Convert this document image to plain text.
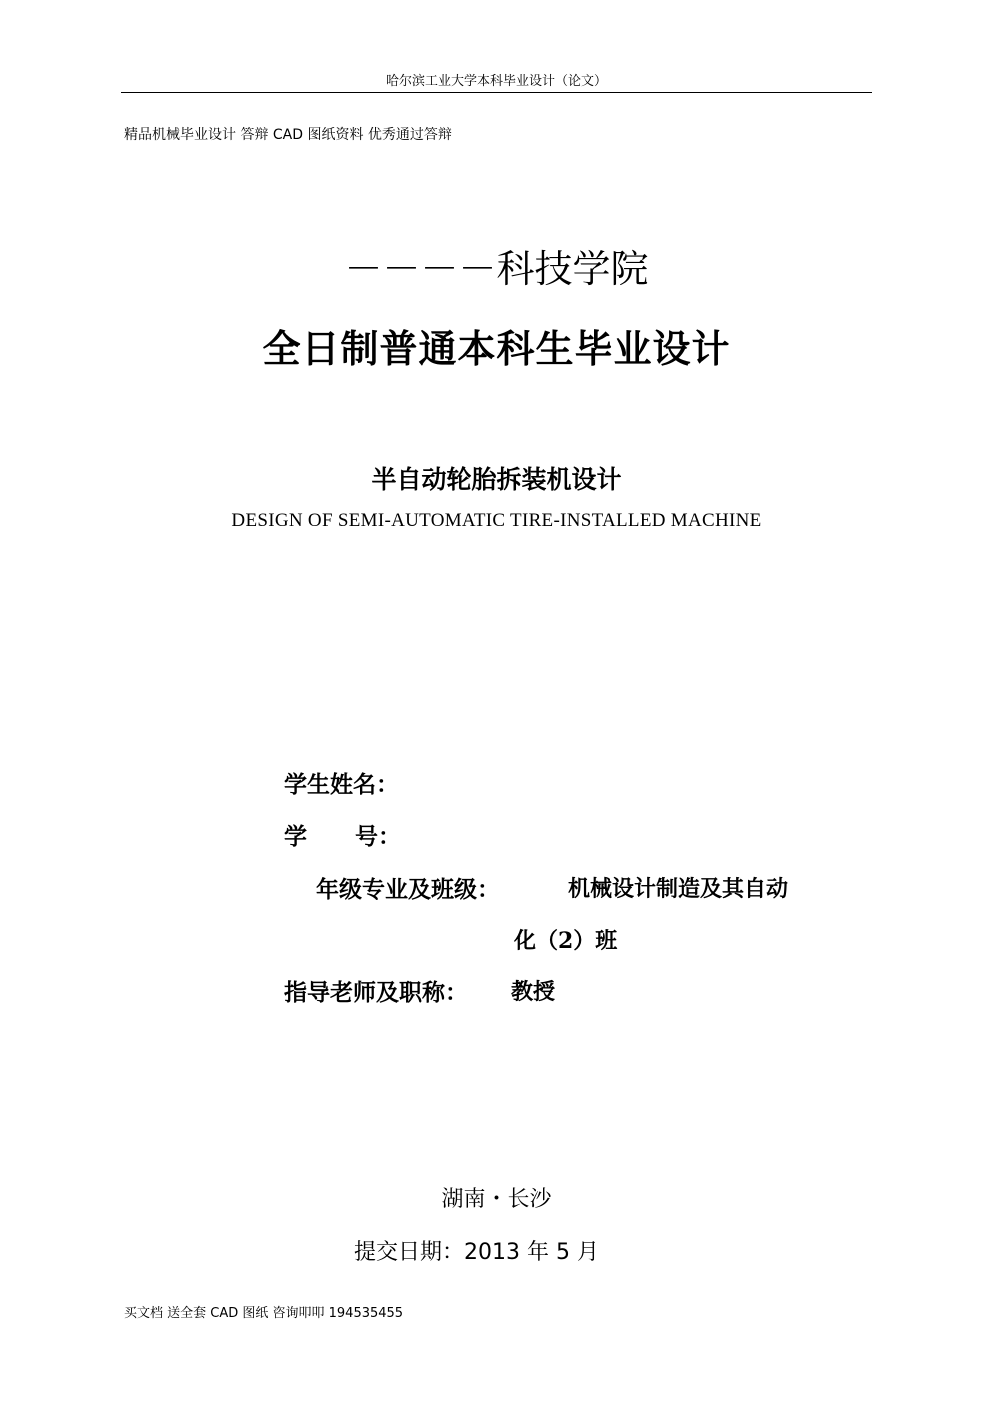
哈尔滨工业大学本科毕业设计（论文）
精品机械毕业设计 答辩 CAD 图纸资料 优秀通过答辩
－－－－科技学院
全日制普通本科生毕业设计
半自动轮胎拆装机设计
DESIGN OF SEMI-AUTOMATIC TIRE-INSTALLED MACHINE
学生姓名：
学      号：
年级专业及班级：	机械设计制造及其自动
化（2）班
指导老师及职称： 教授
湖南・长沙
提交日期：2013 年 5 月
买文档 送全套 CAD 图纸 咨询叩叩 194535455
